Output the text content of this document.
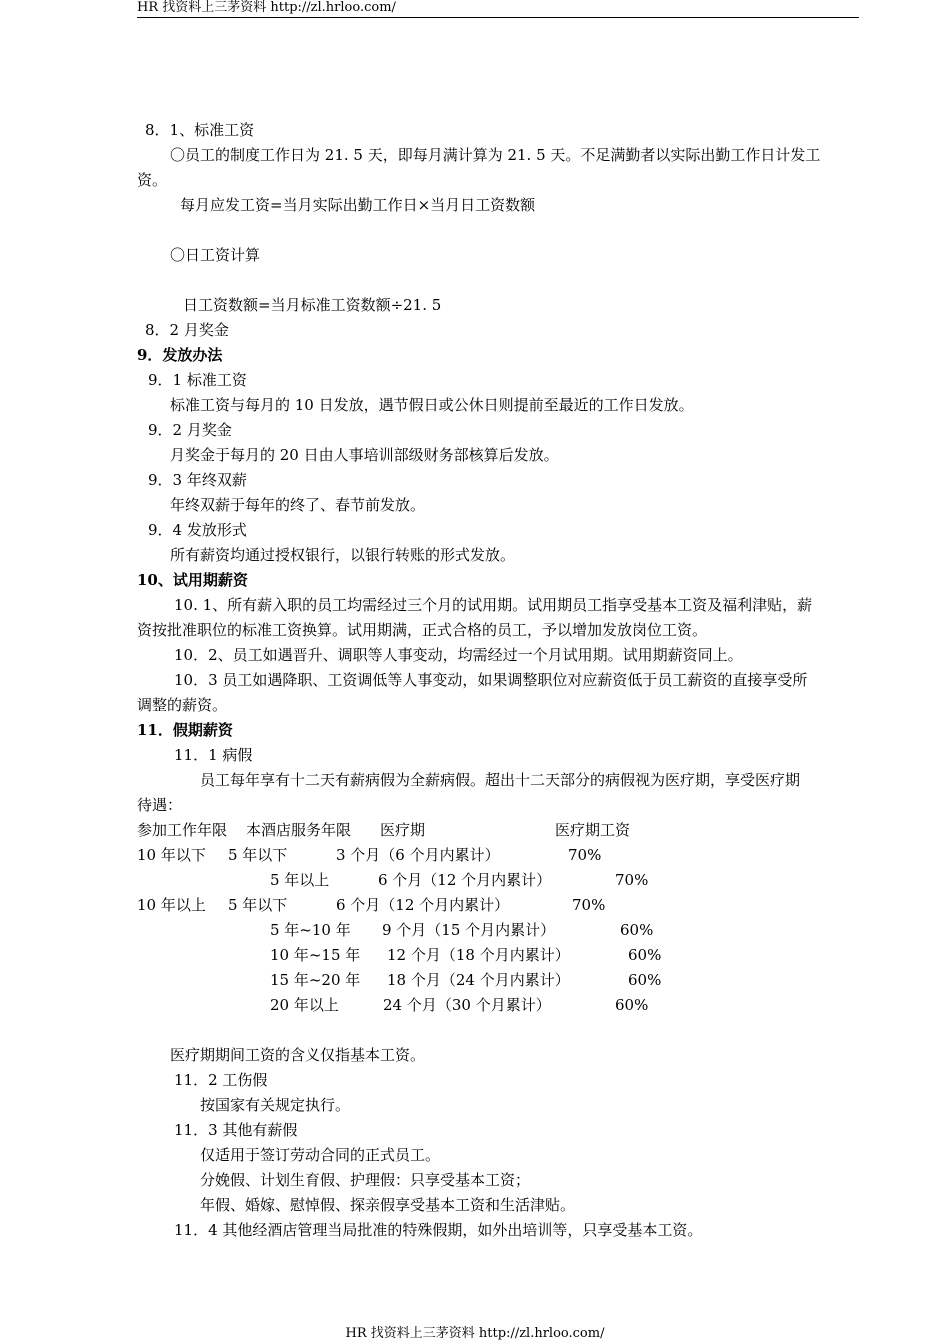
HR 找资料上三茅资料 http://zl.hrloo.com/
8．1、标准工资
〇员工的制度工作日为 21. 5 天，即每月满计算为 21. 5 天。不足满勤者以实际出勤工作日计发工
资。
每月应发工资=当月实际出勤工作日×当月日工资数额
〇日工资计算
日工资数额=当月标准工资数额÷21. 5
8．2 月奖金
9．发放办法
9．1 标准工资
标准工资与每月的 10 日发放，遇节假日或公休日则提前至最近的工作日发放。
9．2 月奖金
月奖金于每月的 20 日由人事培训部级财务部核算后发放。
9．3 年终双薪
年终双薪于每年的终了、春节前发放。
9．4 发放形式
所有薪资均通过授权银行，以银行转账的形式发放。
10、试用期薪资
10. 1、所有薪入职的员工均需经过三个月的试用期。试用期员工指享受基本工资及福利津贴，薪
资按批准职位的标准工资换算。试用期满，正式合格的员工，予以增加发放岗位工资。
10．2、员工如遇晋升、调职等人事变动，均需经过一个月试用期。试用期薪资同上。
10．3 员工如遇降职、工资调低等人事变动，如果调整职位对应薪资低于员工薪资的直接享受所
调整的薪资。
11．假期薪资
11．1 病假
员工每年享有十二天有薪病假为全薪病假。超出十二天部分的病假视为医疗期，享受医疗期
待遇：
参加工作年限 本酒店服务年限 医疗期	医疗期工资
10 年以下 5 年以下	3 个月（6 个月内累计）	70%
5 年以上	6 个月（12 个月内累计）	70%
10 年以上 5 年以下	6 个月（12 个月内累计）	70%
5 年~10 年 9 个月（15 个月内累计）	60%
10 年~15 年 12 个月（18 个月内累计）	60%
15 年~20 年 18 个月（24 个月内累计）	60%
20 年以上	24 个月（30 个月累计）	60%
医疗期期间工资的含义仅指基本工资。
11．2 工伤假
按国家有关规定执行。
11．3 其他有薪假
仅适用于签订劳动合同的正式员工。
分娩假、计划生育假、护理假：只享受基本工资；
年假、婚嫁、慰悼假、探亲假享受基本工资和生活津贴。
11．4 其他经酒店管理当局批准的特殊假期，如外出培训等，只享受基本工资。
HR 找资料上三茅资料 http://zl.hrloo.com/
